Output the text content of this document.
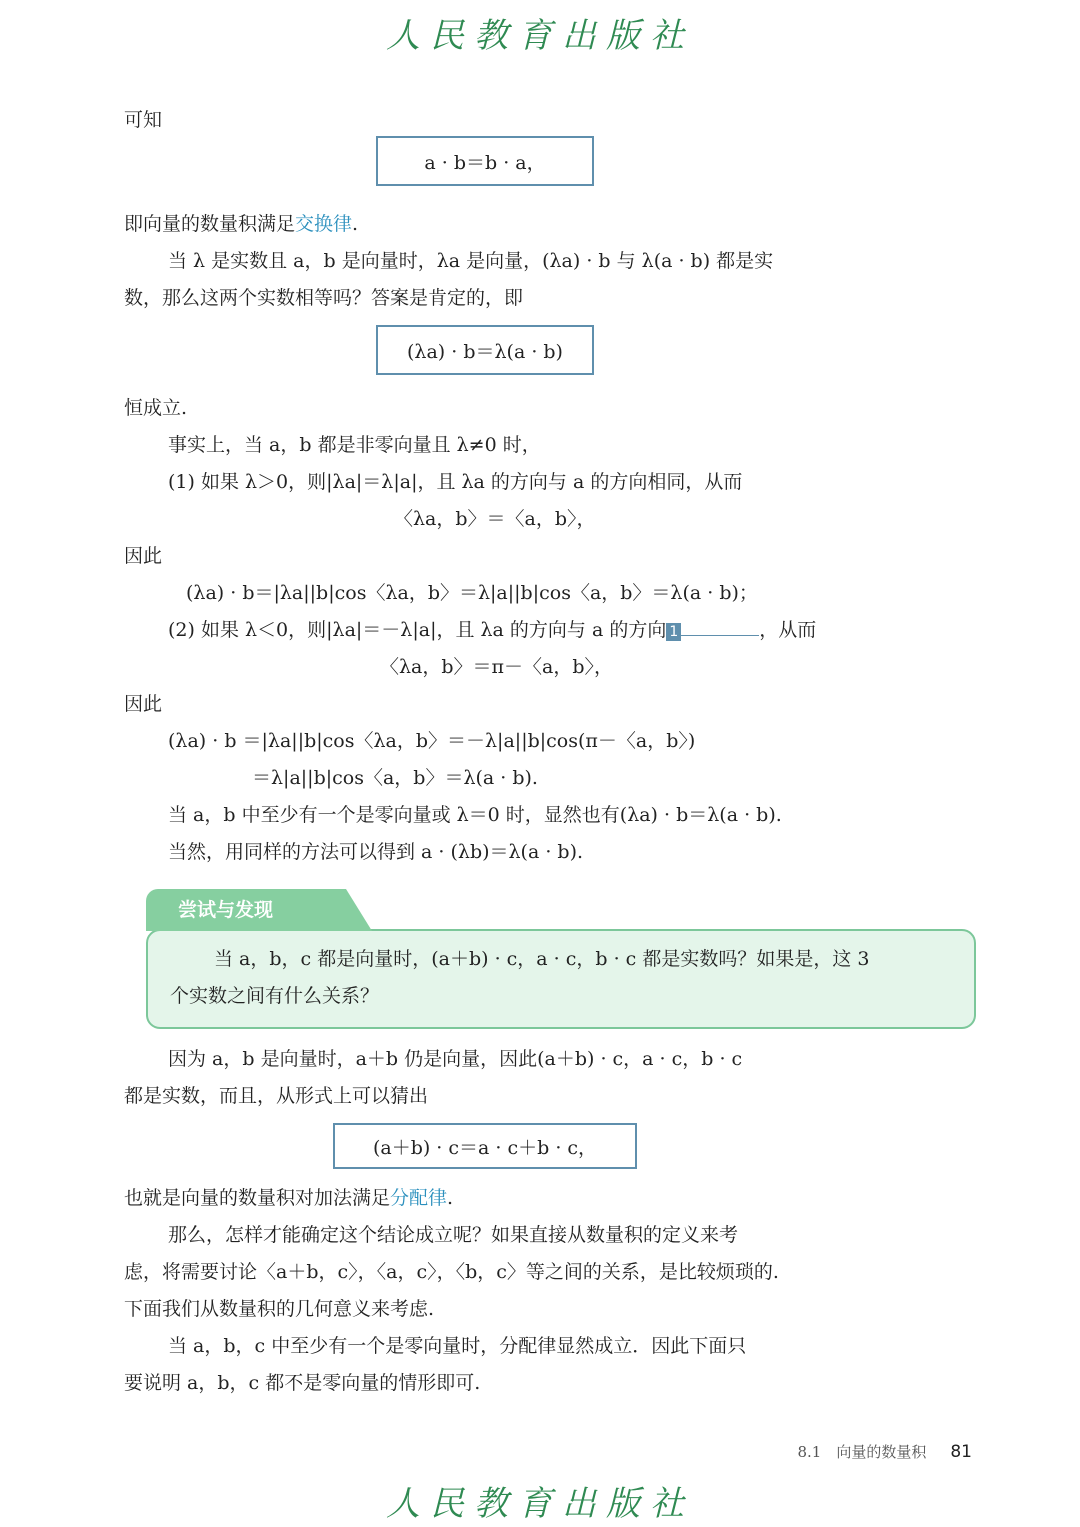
人民教育出版社
可知
a · b＝b · a，
即向量的数量积满足交换律.
当 λ 是实数且 a，b 是向量时，λa 是向量，(λa) · b 与 λ(a · b) 都是实
数，那么这两个实数相等吗？答案是肯定的，即
(λa) · b＝λ(a · b)
恒成立.
事实上，当 a，b 都是非零向量且 λ≠0 时，
(1) 如果 λ＞0，则|λa|＝λ|a|，且 λa 的方向与 a 的方向相同，从而
〈λa，b〉＝〈a，b〉，
因此
(λa) · b＝|λa||b|cos〈λa，b〉＝λ|a||b|cos〈a，b〉＝λ(a · b)；
(2) 如果 λ＜0，则|λa|＝－λ|a|，且 λa 的方向与 a 的方向 1	，从而
〈λa，b〉＝π－〈a，b〉，
因此
(λa) · b ＝|λa||b|cos〈λa，b〉＝－λ|a||b|cos(π－〈a，b〉)
＝λ|a||b|cos〈a，b〉＝λ(a · b).
当 a，b 中至少有一个是零向量或 λ＝0 时，显然也有(λa) · b＝λ(a · b).
当然，用同样的方法可以得到 a · (λb)＝λ(a · b).
尝试与发现
当 a，b，c 都是向量时，(a＋b) · c，a · c，b · c 都是实数吗？如果是，这 3
个实数之间有什么关系？
因为 a，b 是向量时，a＋b 仍是向量，因此(a＋b) · c，a · c，b · c
都是实数，而且，从形式上可以猜出
(a＋b) · c＝a · c＋b · c，
也就是向量的数量积对加法满足分配律.
那么，怎样才能确定这个结论成立呢？如果直接从数量积的定义来考
虑，将需要讨论〈a＋b，c〉，〈a，c〉，〈b，c〉等之间的关系，是比较烦琐的.
下面我们从数量积的几何意义来考虑.
当 a，b，c 中至少有一个是零向量时，分配律显然成立．因此下面只
要说明 a，b，c 都不是零向量的情形即可.
8.1　向量的数量积 81
人民教育出版社
